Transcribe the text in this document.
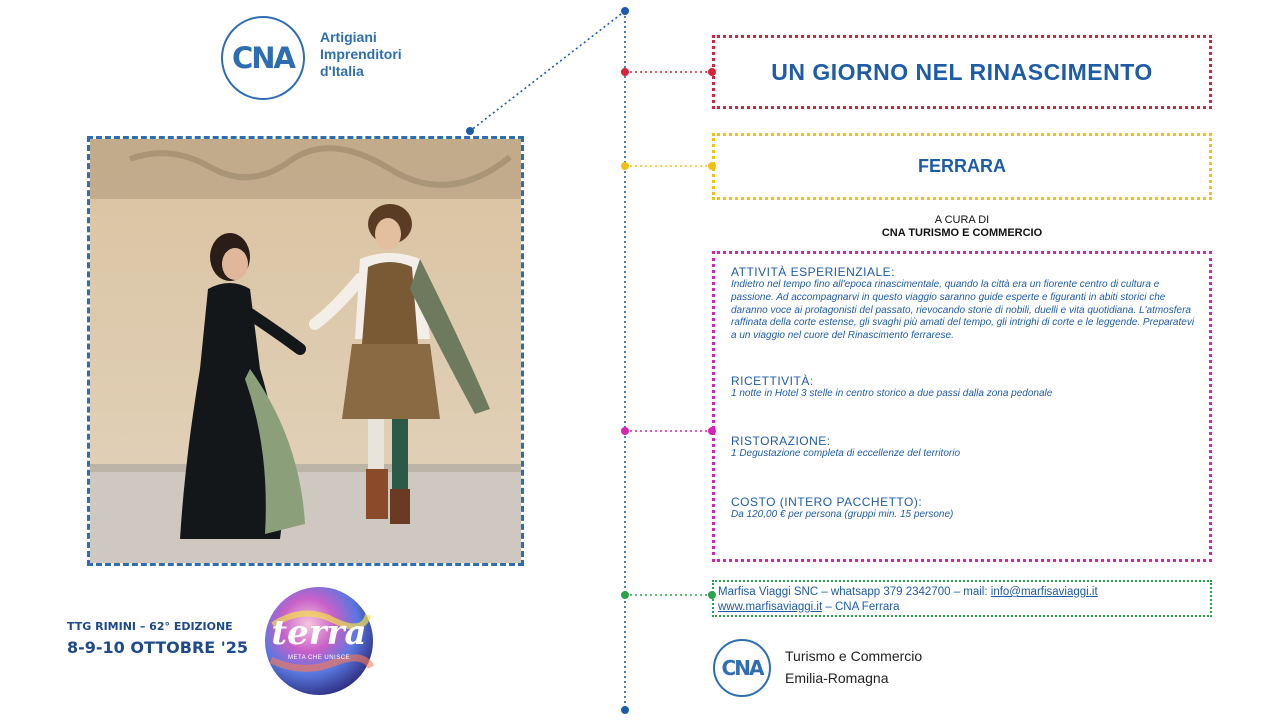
CNA
Artigiani
Imprenditori
d'Italia	UN GIORNO NEL RINASCIMENTO
FERRARA
A CURA DI
CNA TURISMO E COMMERCIO
ATTIVITÀ ESPERIENZIALE:
Indietro nel tempo fino all'epoca rinascimentale, quando la città era un fiorente centro di cultura e passione. Ad accompagnarvi in questo viaggio saranno guide esperte e figuranti in abiti storici che daranno voce ai protagonisti del passato, rievocando storie di nobili, duelli e vita quotidiana. L'atmosfera raffinata della corte estense, gli svaghi più amati del tempo, gli intrighi di corte e le leggende. Preparatevi a un viaggio nel cuore del Rinascimento ferrarese.
RICETTIVITÀ:
1 notte in Hotel 3 stelle in centro storico a due passi dalla zona pedonale
RISTORAZIONE:
1 Degustazione completa di eccellenze del territorio
COSTO (INTERO PACCHETTO):
Da 120,00 € per persona (gruppi min. 15 persone)
Marfisa Viaggi SNC – whatsapp 379 2342700 – mail: info@marfisaviaggi.it
www.marfisaviaggi.it – CNA Ferrara
CNA Turismo e Commercio
Emilia-Romagna
TTG RIMINI – 62° EDIZIONE
8-9-10 OTTOBRE '25 terra
META CHE UNISCE
